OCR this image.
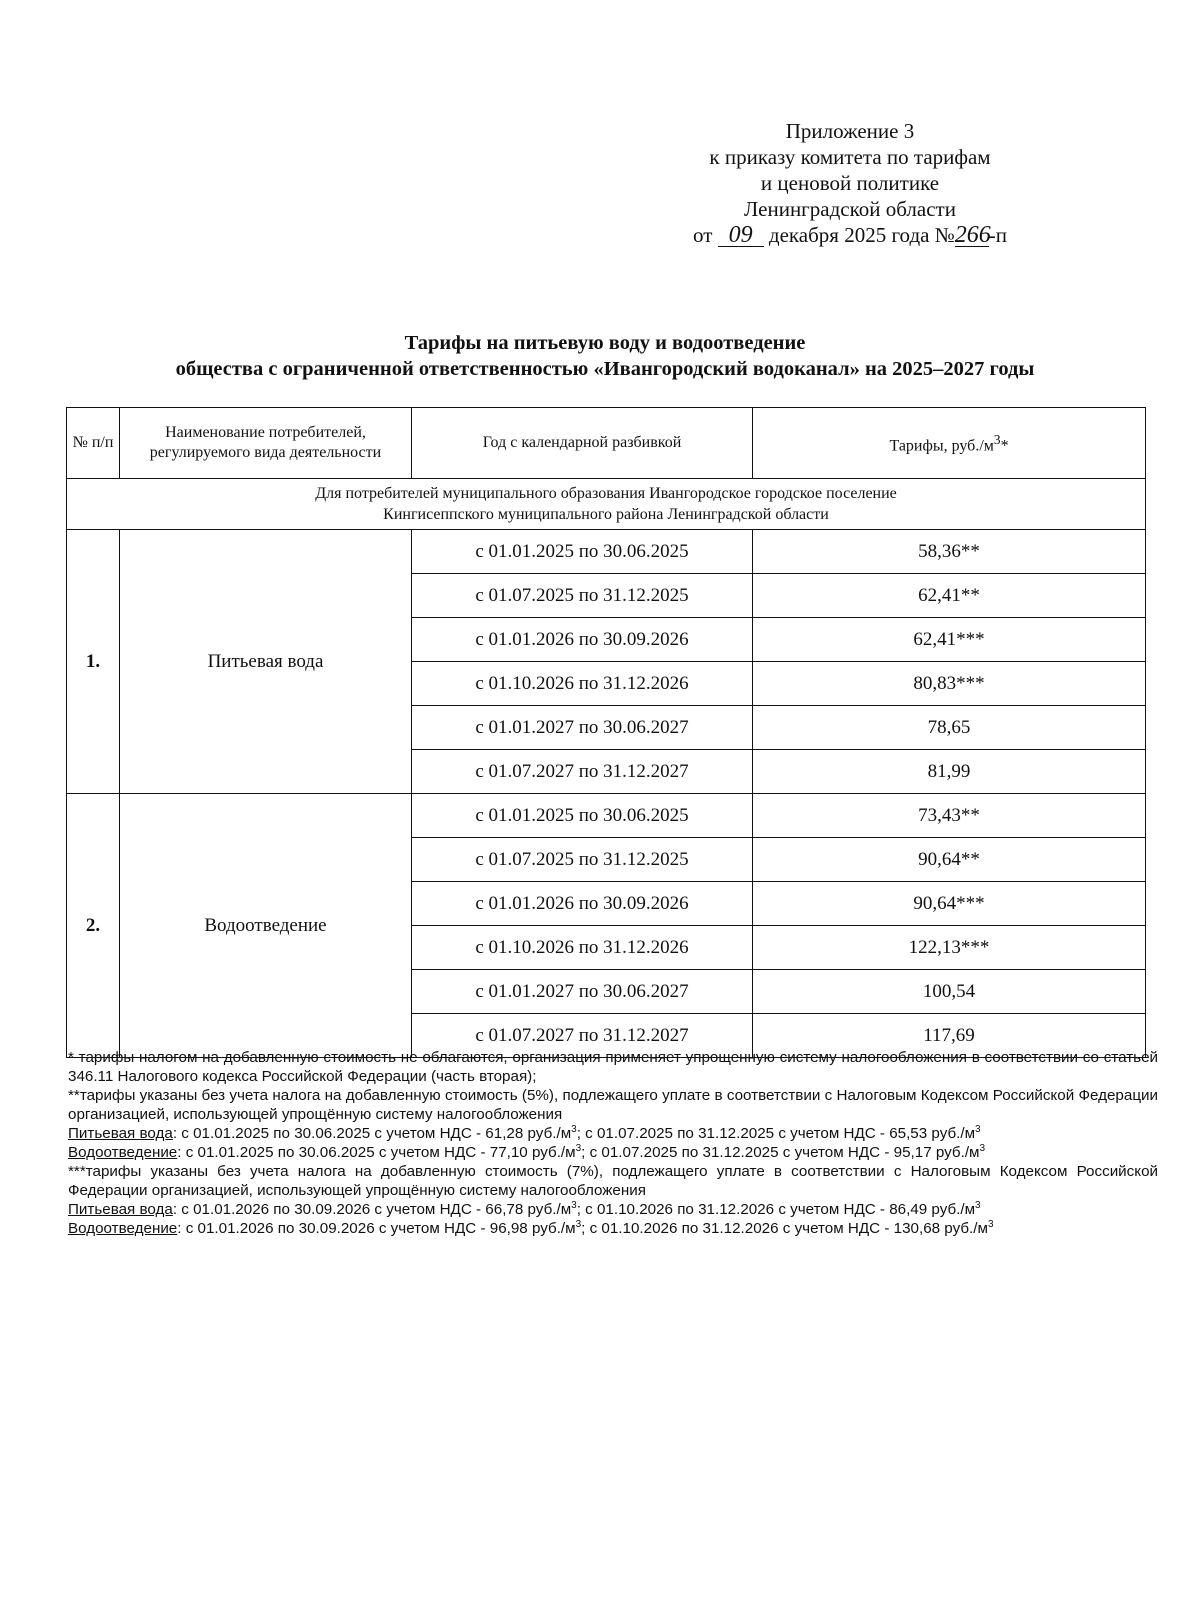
Приложение 3
к приказу комитета по тарифам
и ценовой политике
Ленинградской области
от 09 декабря 2025 года №266-п
Тарифы на питьевую воду и водоотведение
общества с ограниченной ответственностью «Ивангородский водоканал» на 2025–2027 годы
№ п/п	Наименование потребителей, регулируемого вида деятельности	Год с календарной разбивкой	Тарифы, $руб./м^3*$
Для потребителей муниципального образования Ивангородское городское поселение
Кингисеппского муниципального района Ленинградской области			
1.	Питьевая вода	с 01.01.2025 по 30.06.2025	58,36**
		с 01.07.2025 по 31.12.2025	62,41**
		с 01.01.2026 по 30.09.2026	62,41***
		с 01.10.2026 по 31.12.2026	80,83***
		с 01.01.2027 по 30.06.2027	78,65
		с 01.07.2027 по 31.12.2027	81,99
2.	Водоотведение	с 01.01.2025 по 30.06.2025	73,43**
		с 01.07.2025 по 31.12.2025	90,64**
		с 01.01.2026 по 30.09.2026	90,64***
		с 01.10.2026 по 31.12.2026	122,13***
		с 01.01.2027 по 30.06.2027	100,54
		с 01.07.2027 по 31.12.2027	117,69

* тарифы налогом на добавленную стоимость не облагаются, организация применяет упрощенную систему налогообложения в соответствии со статьей 346.11 Налогового кодекса Российской Федерации (часть вторая);

**тарифы указаны без учета налога на добавленную стоимость (5%), подлежащего уплате в соответствии с Налоговым Кодексом Российской Федерации организацией, использующей упрощённую систему налогообложения

Питьевая вода: с 01.01.2025 по 30.06.2025 с учетом НДС - 61,28 $руб./м^3$; с 01.07.2025 по 31.12.2025 с учетом НДС - 65,53 $руб./м^3$

Водоотведение: с 01.01.2025 по 30.06.2025 с учетом НДС - 77,10 $руб./м^3$; с 01.07.2025 по 31.12.2025 с учетом НДС - 95,17 $руб./м^3$

***тарифы указаны без учета налога на добавленную стоимость (7%), подлежащего уплате в соответствии с Налоговым Кодексом Российской Федерации организацией, использующей упрощённую систему налогообложения

Питьевая вода: с 01.01.2026 по 30.09.2026 с учетом НДС - 66,78 $руб./м^3$; с 01.10.2026 по 31.12.2026 с учетом НДС - 86,49 $руб./м^3$

Водоотведение: с 01.01.2026 по 30.09.2026 с учетом НДС - 96,98 $руб./м^3$; с 01.10.2026 по 31.12.2026 с учетом НДС - 130,68 $руб./м^3$
